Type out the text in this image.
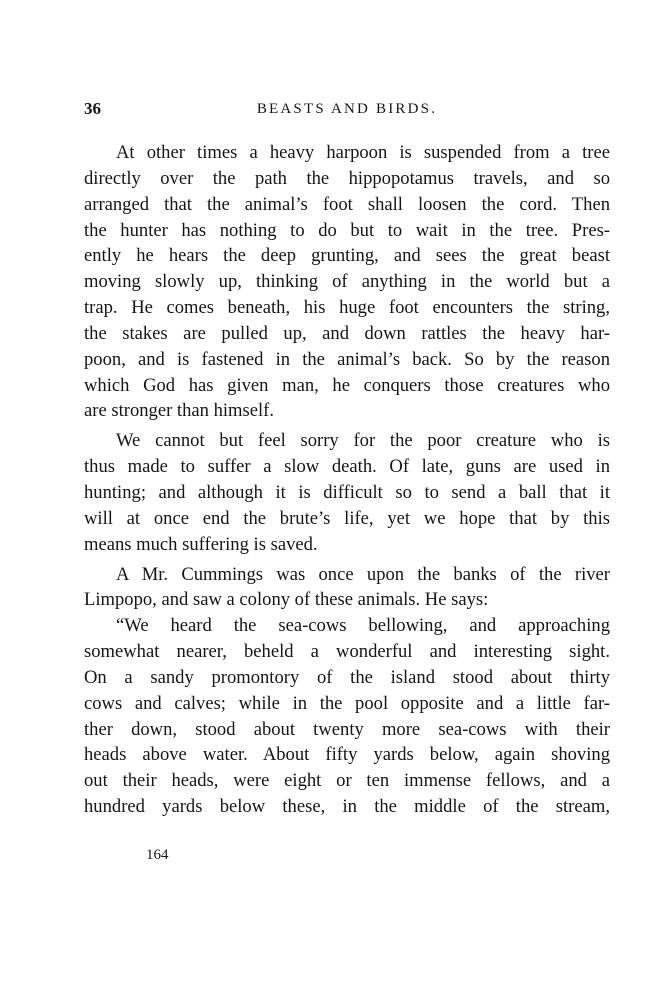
36	BEASTS AND BIRDS.
At other times a heavy harpoon is suspended from a tree
directly over the path the hippopotamus travels, and so
arranged that the animal’s foot shall loosen the cord. Then
the hunter has nothing to do but to wait in the tree. Pres-
ently he hears the deep grunting, and sees the great beast
moving slowly up, thinking of anything in the world but a
trap. He comes beneath, his huge foot encounters the string,
the stakes are pulled up, and down rattles the heavy har-
poon, and is fastened in the animal’s back. So by the reason
which God has given man, he conquers those creatures who
are stronger than himself.
We cannot but feel sorry for the poor creature who is
thus made to suffer a slow death. Of late, guns are used in
hunting; and although it is difficult so to send a ball that it
will at once end the brute’s life, yet we hope that by this
means much suffering is saved.
A Mr. Cummings was once upon the banks of the river
Limpopo, and saw a colony of these animals. He says:
“We heard the sea-cows bellowing, and approaching
somewhat nearer, beheld a wonderful and interesting sight.
On a sandy promontory of the island stood about thirty
cows and calves; while in the pool opposite and a little far-
ther down, stood about twenty more sea-cows with their
heads above water. About fifty yards below, again shoving
out their heads, were eight or ten immense fellows, and a
hundred yards below these, in the middle of the stream,
164
